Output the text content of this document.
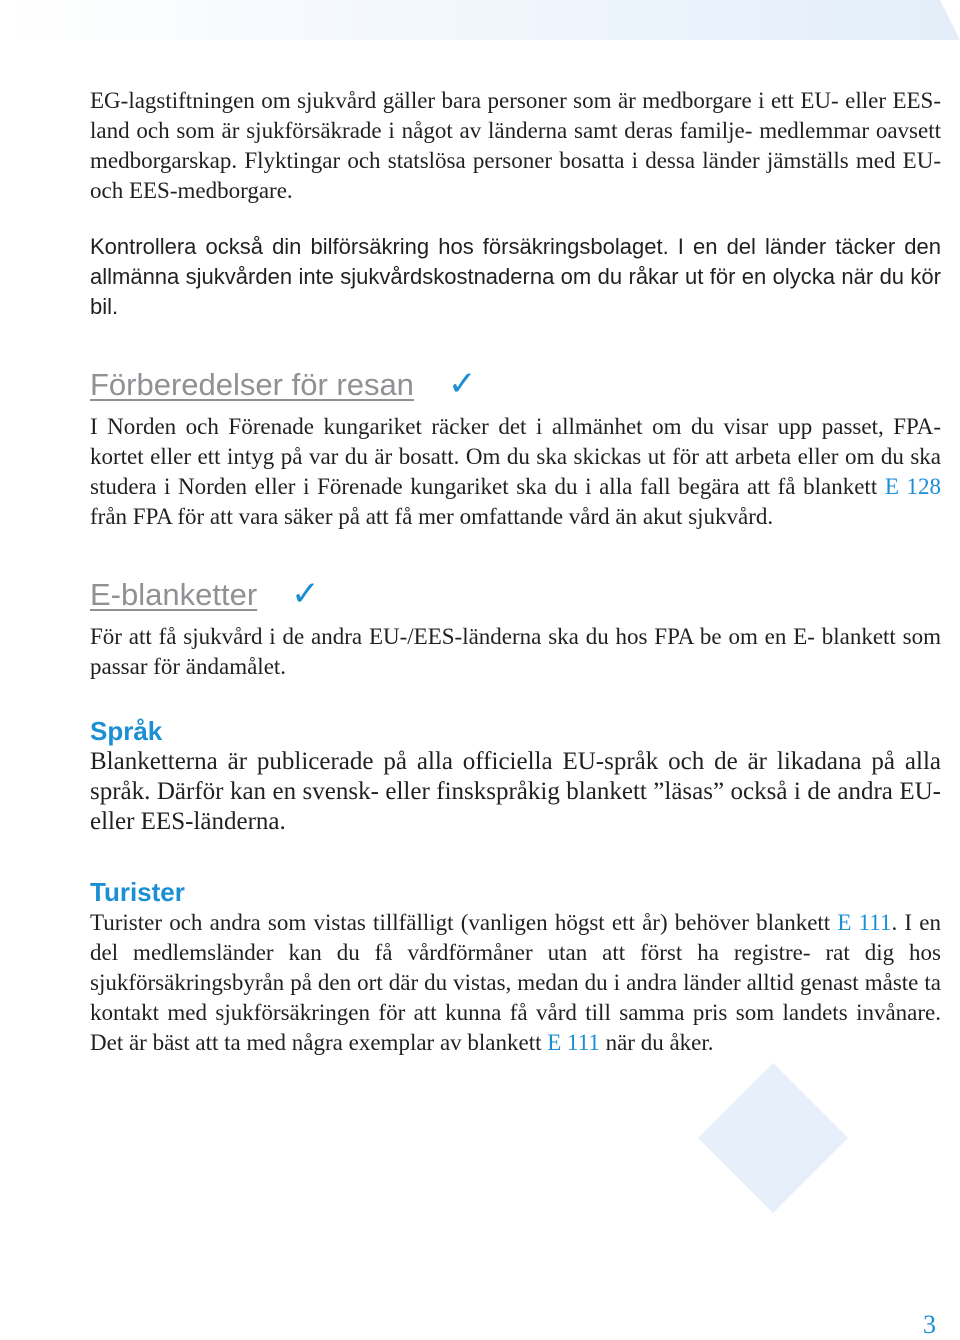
EG-lagstiftningen om sjukvård gäller bara personer som är medborgare i ett EU- eller EES-land och som är sjukförsäkrade i något av länderna samt deras familje- medlemmar oavsett medborgarskap. Flyktingar och statslösa personer bosatta i dessa länder jämställs med EU- och EES-medborgare.

Kontrollera också din bilförsäkring hos försäkringsbolaget. I en del länder täcker den allmänna sjukvården inte sjukvårdskostnaderna om du råkar ut för en olycka när du kör bil.

Förberedelser för resan ✓

I Norden och Förenade kungariket räcker det i allmänhet om du visar upp passet, FPA-kortet eller ett intyg på var du är bosatt. Om du ska skickas ut för att arbeta eller om du ska studera i Norden eller i Förenade kungariket ska du i alla fall begära att få blankett E 128 från FPA för att vara säker på att få mer omfattande vård än akut sjukvård.

E-blanketter ✓

För att få sjukvård i de andra EU-/EES-länderna ska du hos FPA be om en E- blankett som passar för ändamålet.

Språk

Blanketterna är publicerade på alla officiella EU-språk och de är likadana på alla språk. Därför kan en svensk- eller finskspråkig blankett ”läsas” också i de andra EU- eller EES-länderna.

Turister

Turister och andra som vistas tillfälligt (vanligen högst ett år) behöver blankett E 111. I en del medlemsländer kan du få vårdförmåner utan att först ha registre- rat dig hos sjukförsäkringsbyrån på den ort där du vistas, medan du i andra länder alltid genast måste ta kontakt med sjukförsäkringen för att kunna få vård till samma pris som landets invånare. Det är bäst att ta med några exemplar av blankett E 111 när du åker.

3
